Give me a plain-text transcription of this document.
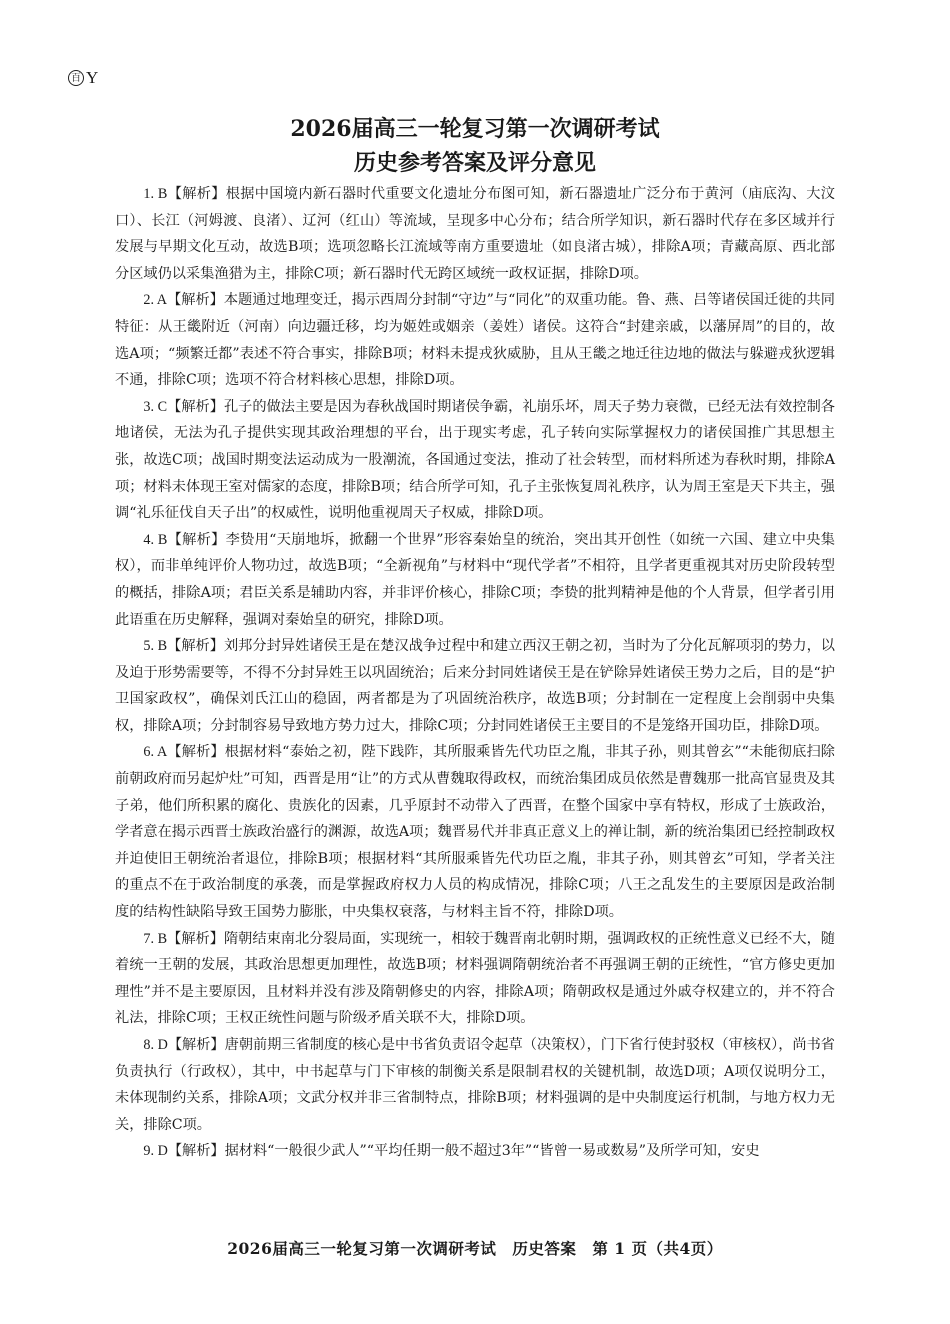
百 Y
2026届高三一轮复习第一次调研考试
历史参考答案及评分意见

1. B【解析】根据中国境内新石器时代重要文化遗址分布图可知，新石器遗址广泛分布于黄河（庙底沟、大汶口）、长江（河姆渡、良渚）、辽河（红山）等流域，呈现多中心分布；结合所学知识，新石器时代存在多区域并行发展与早期文化互动，故选B项；选项忽略长江流域等南方重要遗址（如良渚古城），排除A项；青藏高原、西北部分区域仍以采集渔猎为主，排除C项；新石器时代无跨区域统一政权证据，排除D项。

2. A【解析】本题通过地理变迁，揭示西周分封制“守边”与“同化”的双重功能。鲁、燕、吕等诸侯国迁徙的共同特征：从王畿附近（河南）向边疆迁移，均为姬姓或姻亲（姜姓）诸侯。这符合“封建亲戚，以藩屏周”的目的，故选A项；“频繁迁都”表述不符合事实，排除B项；材料未提戎狄威胁，且从王畿之地迁往边地的做法与躲避戎狄逻辑不通，排除C项；选项不符合材料核心思想，排除D项。

3. C【解析】孔子的做法主要是因为春秋战国时期诸侯争霸，礼崩乐坏，周天子势力衰微，已经无法有效控制各地诸侯，无法为孔子提供实现其政治理想的平台，出于现实考虑，孔子转向实际掌握权力的诸侯国推广其思想主张，故选C项；战国时期变法运动成为一股潮流，各国通过变法，推动了社会转型，而材料所述为春秋时期，排除A项；材料未体现王室对儒家的态度，排除B项；结合所学可知，孔子主张恢复周礼秩序，认为周王室是天下共主，强调“礼乐征伐自天子出”的权威性，说明他重视周天子权威，排除D项。

4. B【解析】李贽用“天崩地坼，掀翻一个世界”形容秦始皇的统治，突出其开创性（如统一六国、建立中央集权），而非单纯评价人物功过，故选B项；“全新视角”与材料中“现代学者”不相符，且学者更重视其对历史阶段转型的概括，排除A项；君臣关系是辅助内容，并非评价核心，排除C项；李贽的批判精神是他的个人背景，但学者引用此语重在历史解释，强调对秦始皇的研究，排除D项。

5. B【解析】刘邦分封异姓诸侯王是在楚汉战争过程中和建立西汉王朝之初，当时为了分化瓦解项羽的势力，以及迫于形势需要等，不得不分封异姓王以巩固统治；后来分封同姓诸侯王是在铲除异姓诸侯王势力之后，目的是“护卫国家政权”，确保刘氏江山的稳固，两者都是为了巩固统治秩序，故选B项；分封制在一定程度上会削弱中央集权，排除A项；分封制容易导致地方势力过大，排除C项；分封同姓诸侯王主要目的不是笼络开国功臣，排除D项。

6. A【解析】根据材料“泰始之初，陛下践阼，其所服乘皆先代功臣之胤，非其子孙，则其曾玄”“未能彻底扫除前朝政府而另起炉灶”可知，西晋是用“让”的方式从曹魏取得政权，而统治集团成员依然是曹魏那一批高官显贵及其子弟，他们所积累的腐化、贵族化的因素，几乎原封不动带入了西晋，在整个国家中享有特权，形成了士族政治，学者意在揭示西晋士族政治盛行的渊源，故选A项；魏晋易代并非真正意义上的禅让制，新的统治集团已经控制政权并迫使旧王朝统治者退位，排除B项；根据材料“其所服乘皆先代功臣之胤，非其子孙，则其曾玄”可知，学者关注的重点不在于政治制度的承袭，而是掌握政府权力人员的构成情况，排除C项；八王之乱发生的主要原因是政治制度的结构性缺陷导致王国势力膨胀，中央集权衰落，与材料主旨不符，排除D项。

7. B【解析】隋朝结束南北分裂局面，实现统一，相较于魏晋南北朝时期，强调政权的正统性意义已经不大，随着统一王朝的发展，其政治思想更加理性，故选B项；材料强调隋朝统治者不再强调王朝的正统性，“官方修史更加理性”并不是主要原因，且材料并没有涉及隋朝修史的内容，排除A项；隋朝政权是通过外戚夺权建立的，并不符合礼法，排除C项；王权正统性问题与阶级矛盾关联不大，排除D项。

8. D【解析】唐朝前期三省制度的核心是中书省负责诏令起草（决策权），门下省行使封驳权（审核权），尚书省负责执行（行政权），其中，中书起草与门下审核的制衡关系是限制君权的关键机制，故选D项；A项仅说明分工，未体现制约关系，排除A项；文武分权并非三省制特点，排除B项；材料强调的是中央制度运行机制，与地方权力无关，排除C项。

9. D【解析】据材料“一般很少武人”“平均任期一般不超过3年”“皆曾一易或数易”及所学可知，安史

2026届高三一轮复习第一次调研考试　历史答案　第 1 页（共4页）
